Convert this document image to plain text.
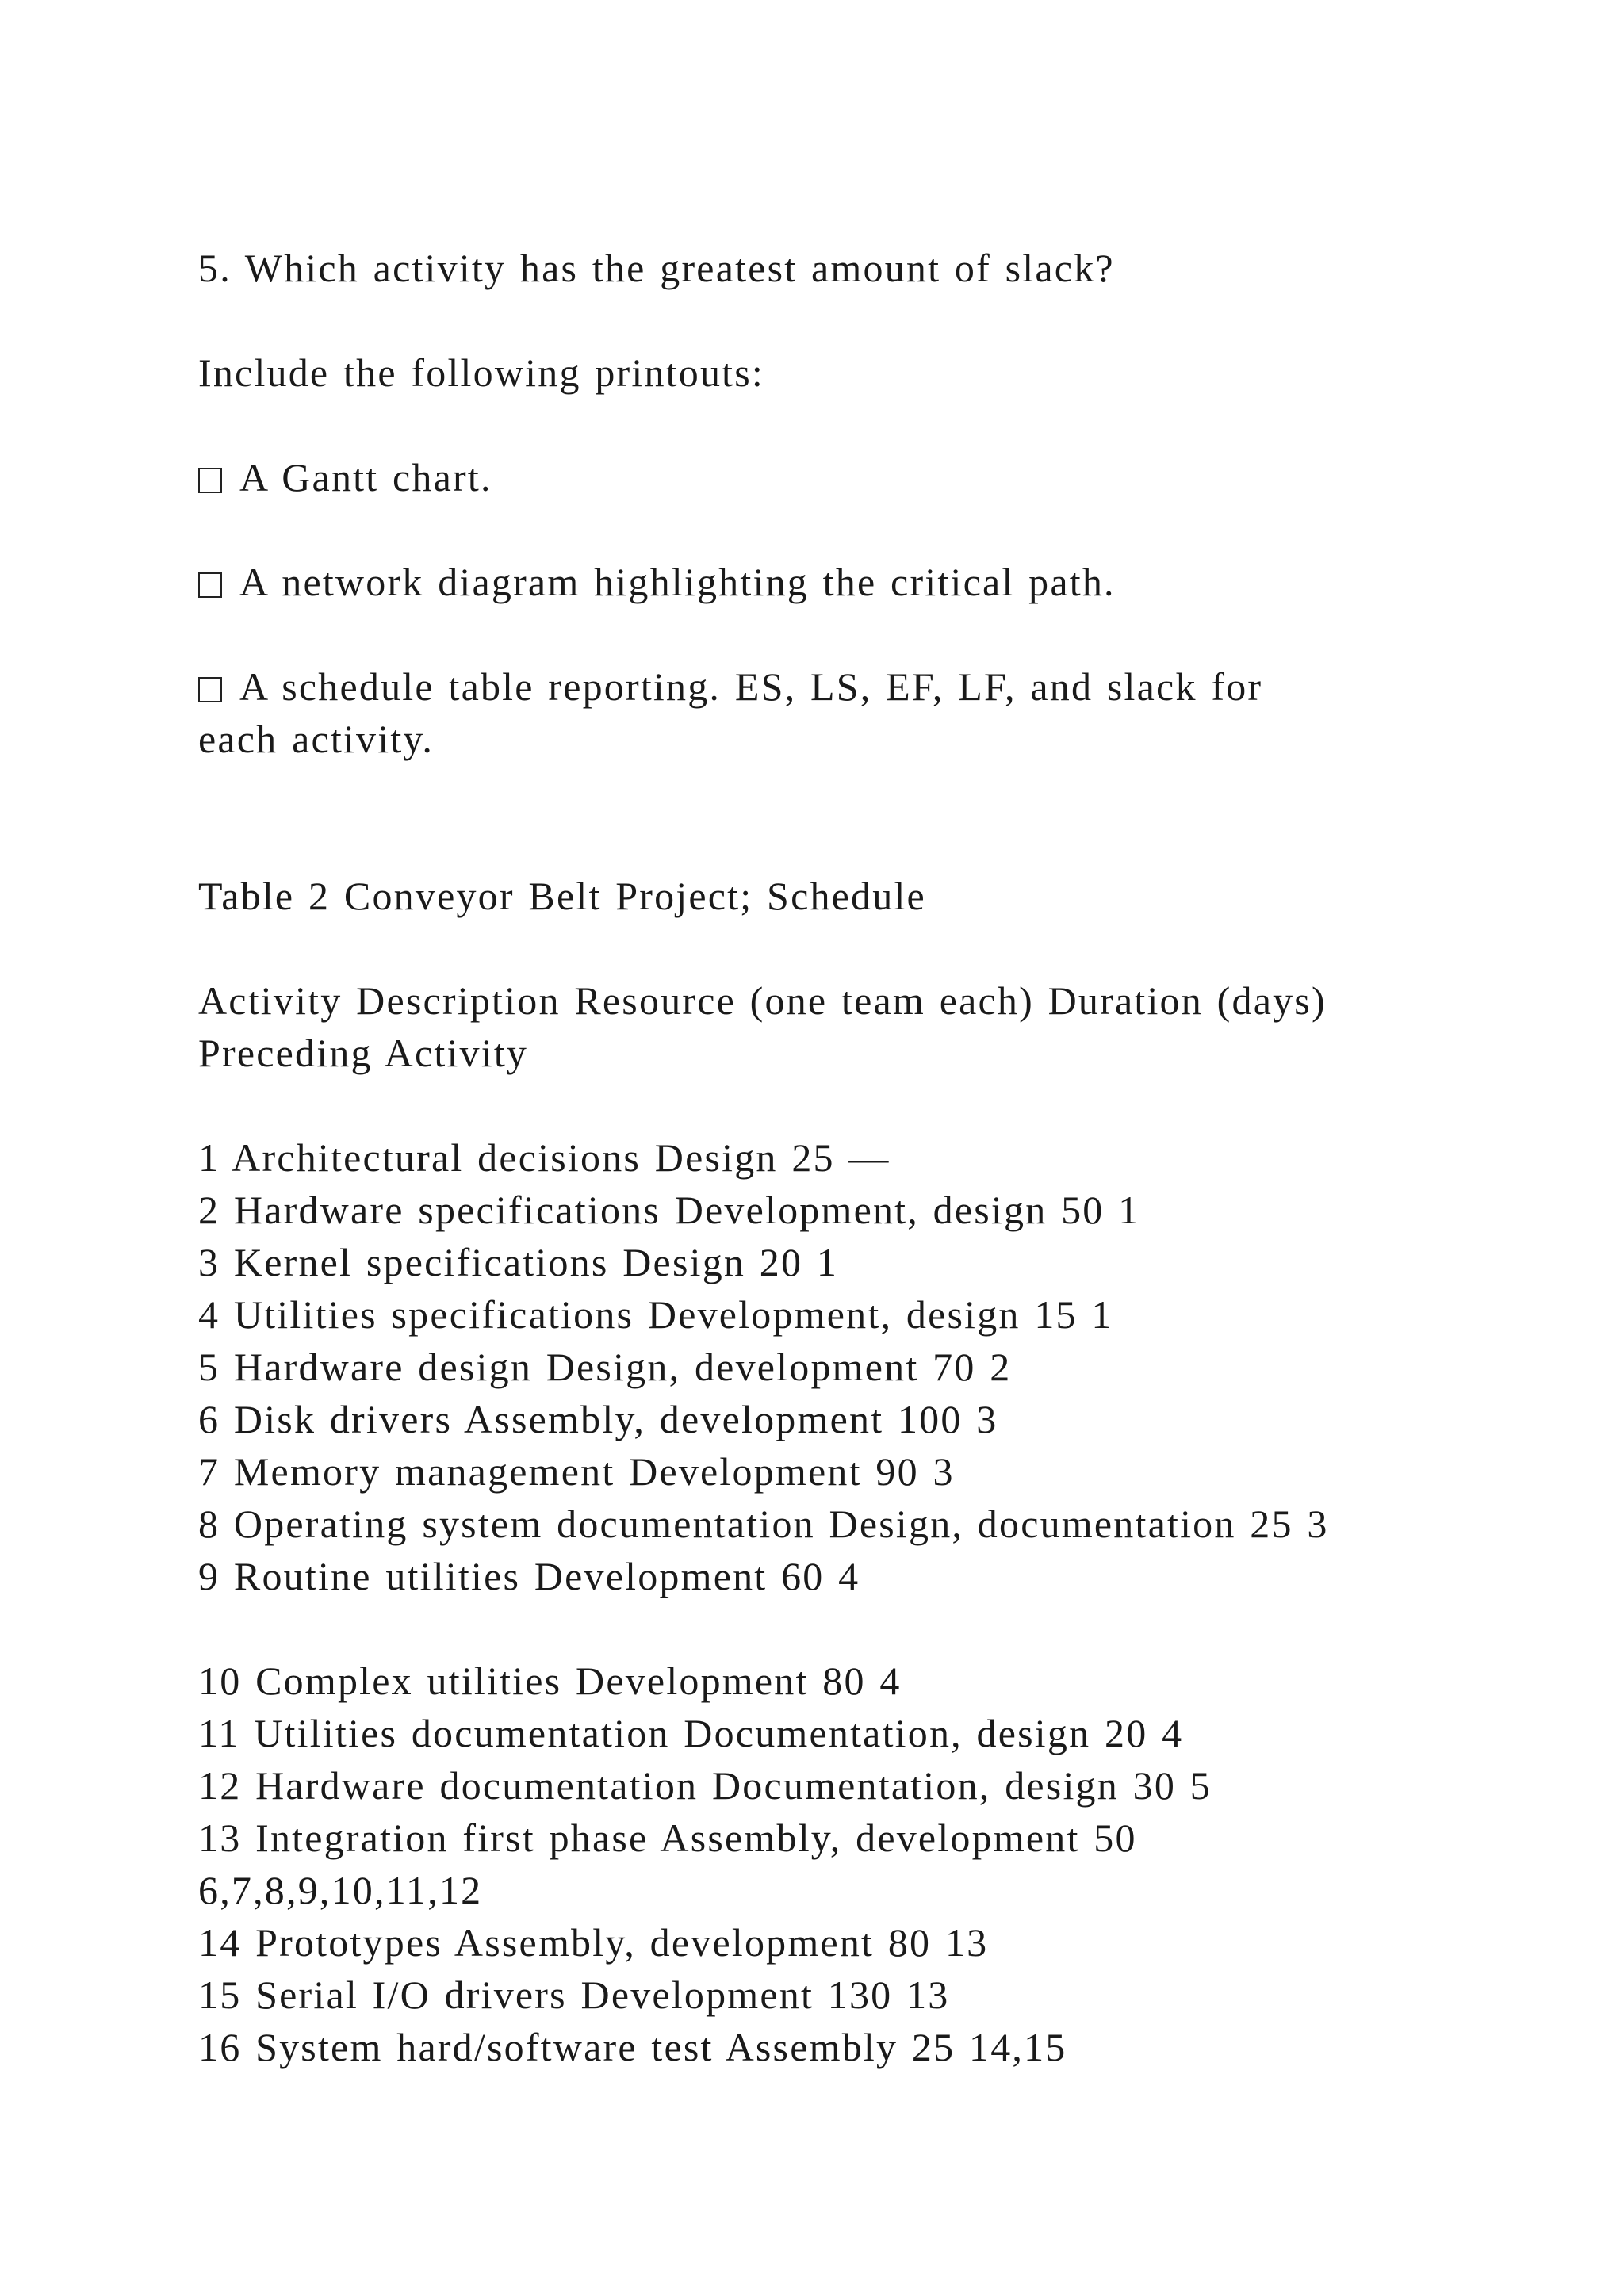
5. Which activity has the greatest amount of slack?
Include the following printouts:
A Gantt chart.
A network diagram highlighting the critical path.
A schedule table reporting. ES, LS, EF, LF, and slack for
each activity.
Table 2 Conveyor Belt Project; Schedule
Activity Description Resource (one team each) Duration (days)
Preceding Activity
1 Architectural decisions Design 25 —
2 Hardware specifications Development, design 50 1
3 Kernel specifications Design 20 1
4 Utilities specifications Development, design 15 1
5 Hardware design Design, development 70 2
6 Disk drivers Assembly, development 100 3
7 Memory management Development 90 3
8 Operating system documentation Design, documentation 25 3
9 Routine utilities Development 60 4
10 Complex utilities Development 80 4
11 Utilities documentation Documentation, design 20 4
12 Hardware documentation Documentation, design 30 5
13 Integration first phase Assembly, development 50
6,7,8,9,10,11,12
14 Prototypes Assembly, development 80 13
15 Serial I/O drivers Development 130 13
16 System hard/software test Assembly 25 14,15
